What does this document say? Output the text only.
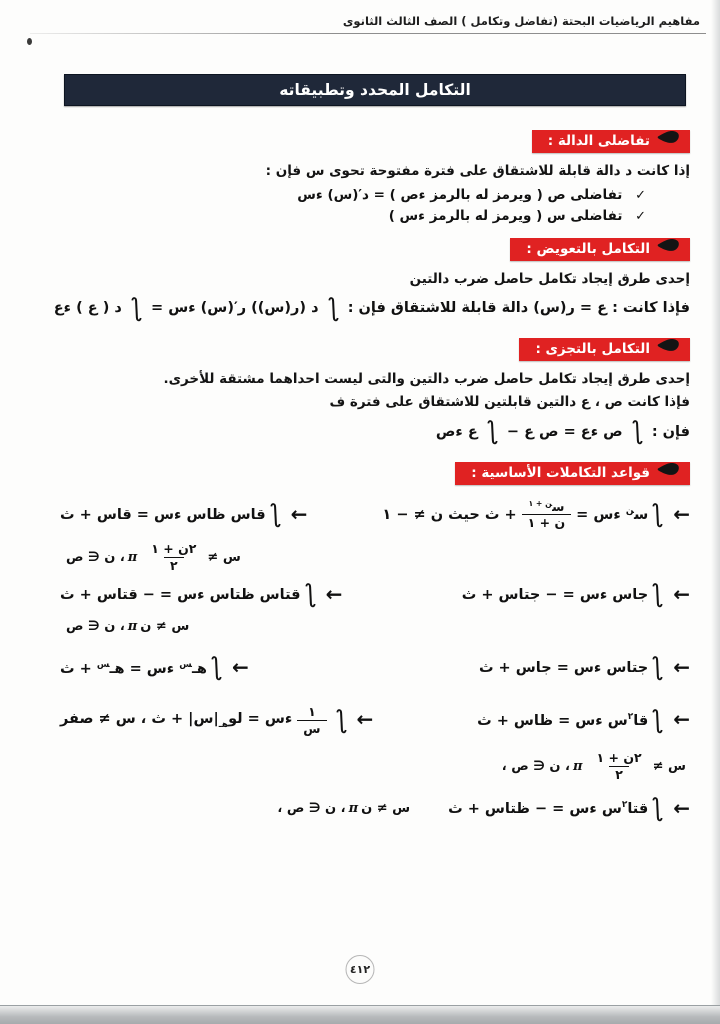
مفاهيم الرياضيات البحتة (تفاضل وتكامل ) الصف الثالث الثانوى
التكامل المحدد وتطبيقاته
تفاضلى الدالة :
إذا كانت د دالة قابلة للاشتقاق على فترة مفتوحة تحوى س فإن :
✓ تفاضلى ص ( ويرمز له بالرمز ءص ) = د′(س) ءس
✓ تفاضلى س ( ويرمز له بالرمز ءس )
التكامل بالتعويض :
إحدى طرق إيجاد تكامل حاصل ضرب دالتين
فإذا كانت : ع = ر(س) دالة قابلة للاشتقاق فإن : ∫ د (ر(س)) ر′(س) ءس = ∫ د ( ع ) ءع
التكامل بالتجزى :
إحدى طرق إيجاد تكامل حاصل ضرب دالتين والتى ليست احداهما مشتقة للأخرى.
فإذا كانت ص ، ع دالتين قابلتين للاشتقاق على فترة ف
فإن : ∫ ص ءع = ص ع − ∫ ع ءص
قواعد التكاملات الأساسية :
←
∫
س$^ن$ ءس =
$\frac{س^{ن + ١}}{\text{ن + ١}}$
+ ث حيث ن ≠ − ١
←
∫
قاس ظاس ءس = قاس + ث
س ≠
$\frac{\text{٢ن + ١}}{٢}$
π
، ن ∈ ص
←
∫
جاس ءس = − جتاس + ث
←
∫
قتاس ظتاس ءس = − قتاس + ث
س ≠ ن
π
، ن ∈ ص
←
∫
جتاس ءس = جاس + ث
←
∫
هـ$^س$ ءس = هـ$^س$ + ث
←
∫
قا$^٢$س ءس = ظاس + ث
←
∫
$\frac{١}{\text{س}}$
ءس = لو$_{هـ}$|س| + ث ، س ≠ صفر
س ≠
$\frac{\text{٢ن + ١}}{٢}$
π
، ن ∈ ص ،
←
∫
قتا$^٢$س ءس = − ظتاس + ث
س ≠ ن
π
، ن ∈ ص ،
٤١٢
